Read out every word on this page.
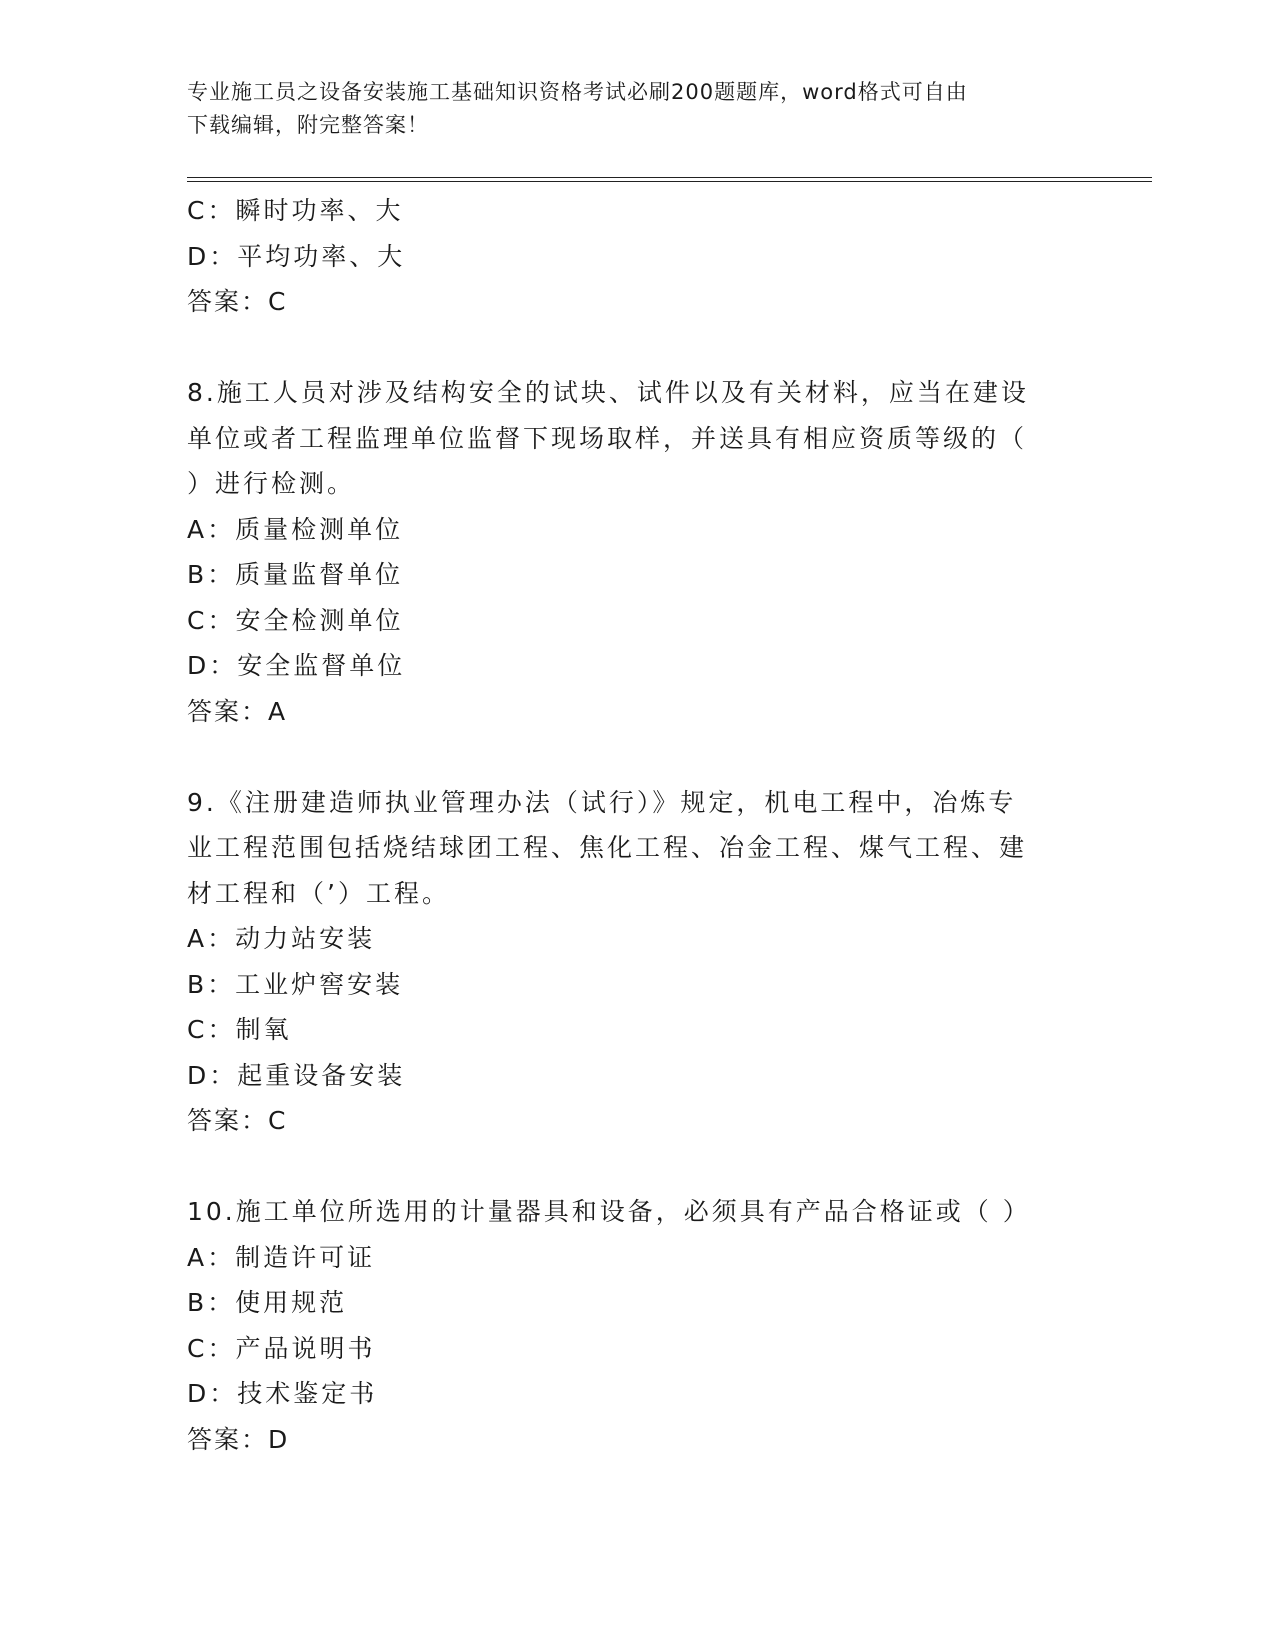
专业施工员之设备安装施工基础知识资格考试必刷200题题库，word格式可自由
下载编辑，附完整答案！
C：瞬时功率、大
D：平均功率、大
答案：C
8.施工人员对涉及结构安全的试块、试件以及有关材料，应当在建设
单位或者工程监理单位监督下现场取样，并送具有相应资质等级的（
）进行检测。
A：质量检测单位
B：质量监督单位
C：安全检测单位
D：安全监督单位
答案：A
9.《注册建造师执业管理办法（试行）》规定，机电工程中，冶炼专
业工程范围包括烧结球团工程、焦化工程、冶金工程、煤气工程、建
材工程和（’）工程。
A：动力站安装
B：工业炉窖安装
C：制氧
D：起重设备安装
答案：C
10.施工单位所选用的计量器具和设备，必须具有产品合格证或（ ）
A：制造许可证
B：使用规范
C：产品说明书
D：技术鉴定书
答案：D
